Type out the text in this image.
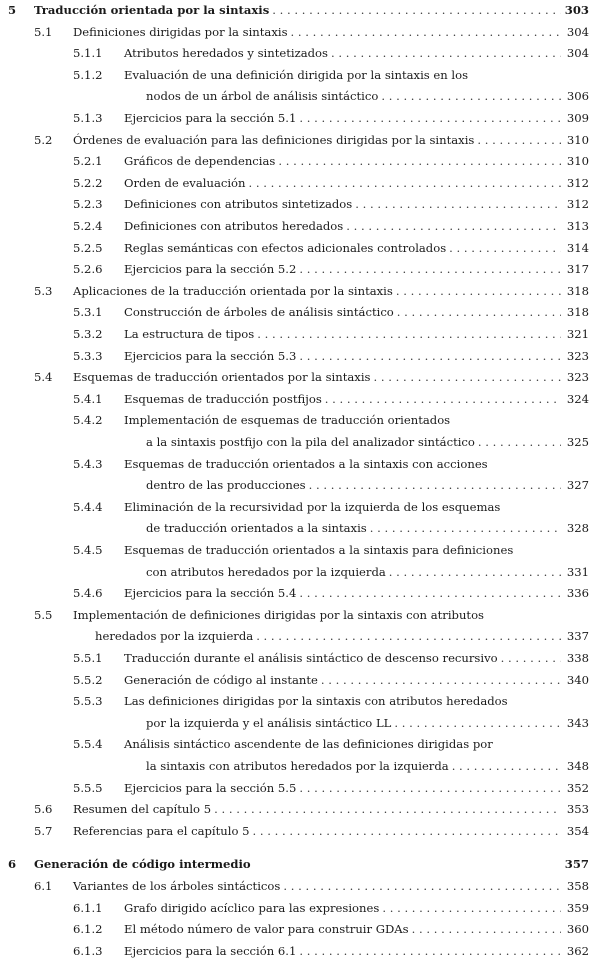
5 Traducción orientada por la sintaxis . . .	303
5.1 Definiciones dirigidas por la sintaxis . . .	304
5.1.1 Atributos heredados y sintetizados . . .	304
5.1.2 Evaluación de una definición dirigida por la sintaxis en los
nodos de un árbol de análisis sintáctico . . .	306
5.1.3 Ejercicios para la sección 5.1 . . .	309
5.2 Órdenes de evaluación para las definiciones dirigidas por la sintaxis . . .	310
5.2.1 Gráficos de dependencias . . .	310
5.2.2 Orden de evaluación . . .	312
5.2.3 Definiciones con atributos sintetizados . . .	312
5.2.4 Definiciones con atributos heredados . . .	313
5.2.5 Reglas semánticas con efectos adicionales controlados . . .	314
5.2.6 Ejercicios para la sección 5.2 . . .	317
5.3 Aplicaciones de la traducción orientada por la sintaxis . . .	318
5.3.1 Construcción de árboles de análisis sintáctico . . .	318
5.3.2 La estructura de tipos . . .	321
5.3.3 Ejercicios para la sección 5.3 . . .	323
5.4 Esquemas de traducción orientados por la sintaxis . . .	323
5.4.1 Esquemas de traducción postfijos . . .	324
5.4.2 Implementación de esquemas de traducción orientados
a la sintaxis postfijo con la pila del analizador sintáctico . . .	325
5.4.3 Esquemas de traducción orientados a la sintaxis con acciones
dentro de las producciones . . .	327
5.4.4 Eliminación de la recursividad por la izquierda de los esquemas
de traducción orientados a la sintaxis . . .	328
5.4.5 Esquemas de traducción orientados a la sintaxis para definiciones
con atributos heredados por la izquierda . . .	331
5.4.6 Ejercicios para la sección 5.4 . . .	336
5.5 Implementación de definiciones dirigidas por la sintaxis con atributos
heredados por la izquierda . . .	337
5.5.1 Traducción durante el análisis sintáctico de descenso recursivo . . .	338
5.5.2 Generación de código al instante . . .	340
5.5.3 Las definiciones dirigidas por la sintaxis con atributos heredados
por la izquierda y el análisis sintáctico LL . . .	343
5.5.4 Análisis sintáctico ascendente de las definiciones dirigidas por
la sintaxis con atributos heredados por la izquierda . . .	348
5.5.5 Ejercicios para la sección 5.5 . . .	352
5.6 Resumen del capítulo 5 . . .	353
5.7 Referencias para el capítulo 5 . . .	354
6 Generación de código intermedio	357
6.1 Variantes de los árboles sintácticos . . .	358
6.1.1 Grafo dirigido acíclico para las expresiones . . .	359
6.1.2 El método número de valor para construir GDAs . . .	360
6.1.3 Ejercicios para la sección 6.1 . . .	362
